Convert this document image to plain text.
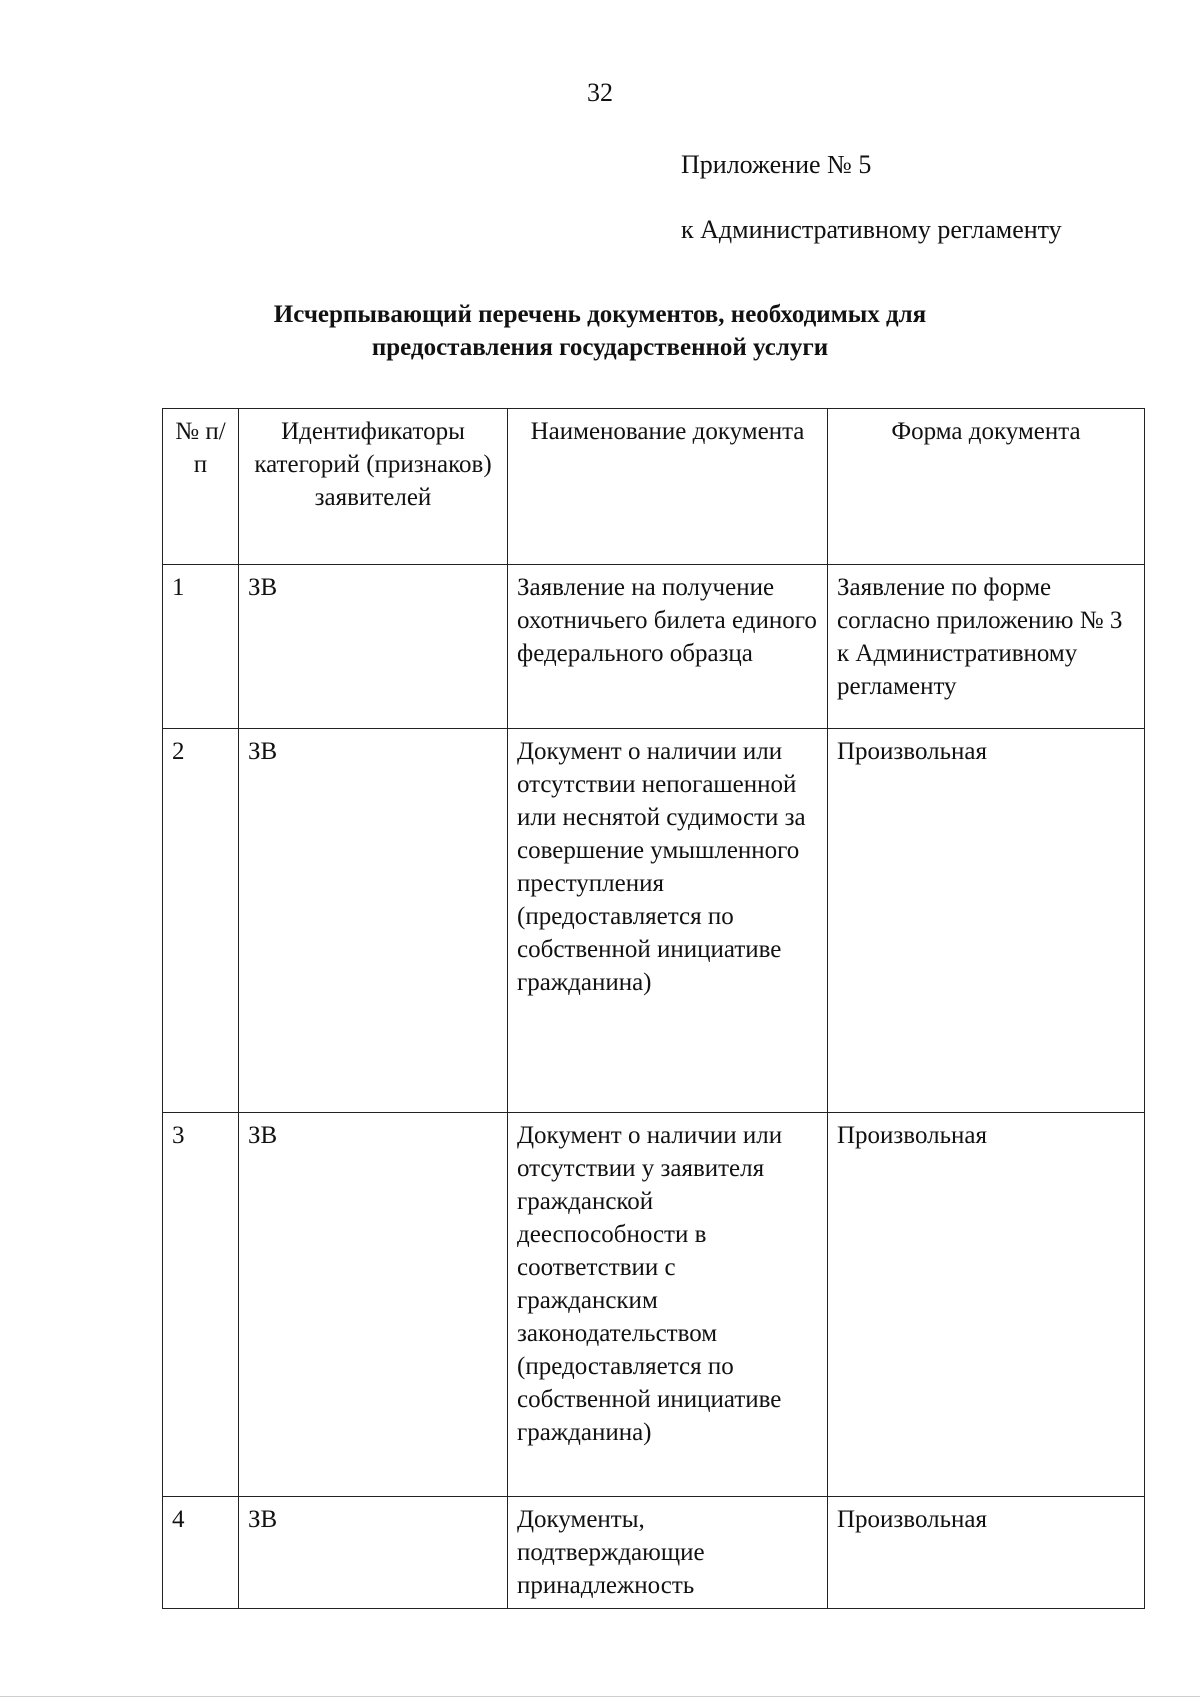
32
Приложение № 5
к Административному регламенту
Исчерпывающий перечень документов, необходимых для
предоставления государственной услуги
№ п/п	Идентификаторы категорий (признаков) заявителей	Наименование документа	Форма документа
1	ЗВ	Заявление на получение охотничьего билета единого федерального образца	Заявление по форме согласно приложению № 3 к Административному регламенту
2	ЗВ	Документ о наличии или отсутствии непогашенной или неснятой судимости за совершение умышленного преступления (предоставляется по собственной инициативе гражданина)	Произвольная
3	ЗВ	Документ о наличии или отсутствии у заявителя гражданской дееспособности в соответствии с гражданским законодательством (предоставляется по собственной инициативе гражданина)	Произвольная
4	ЗВ	Документы, подтверждающие принадлежность	Произвольная
